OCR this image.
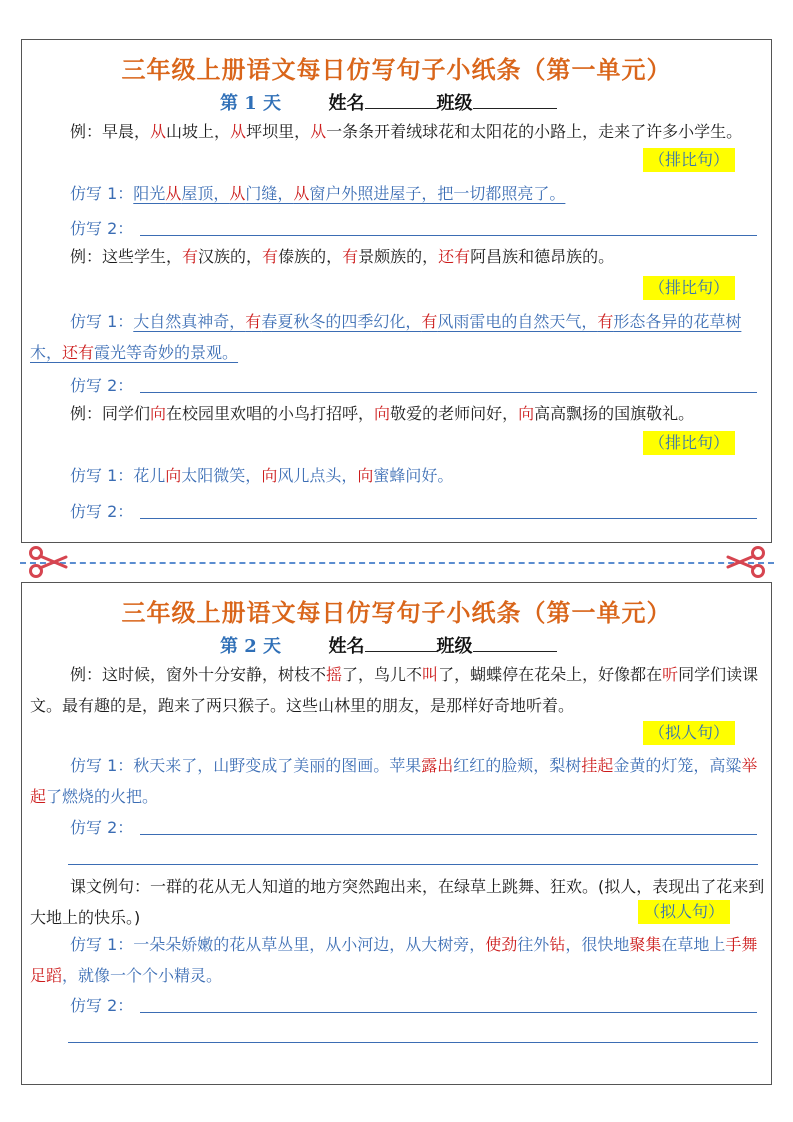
三年级上册语文每日仿写句子小纸条（第一单元）
第 1 天	姓名	班级

例：早晨，从山坡上，从坪坝里，从一条条开着绒球花和太阳花的小路上，走来了许多小学生。

（排比句）

仿写 1：阳光从屋顶，从门缝，从窗户外照进屋子，把一切都照亮了。

仿写 2：

例：这些学生，有汉族的，有傣族的，有景颇族的，还有阿昌族和德昂族的。

（排比句）

仿写 1：大自然真神奇，有春夏秋冬的四季幻化，有风雨雷电的自然天气，有形态各异的花草树木，还有霞光等奇妙的景观。

仿写 2：

例：同学们向在校园里欢唱的小鸟打招呼，向敬爱的老师问好，向高高飘扬的国旗敬礼。

（排比句）

仿写 1：花儿向太阳微笑，向风儿点头，向蜜蜂问好。

仿写 2：
三年级上册语文每日仿写句子小纸条（第一单元）
第 2 天	姓名	班级

例：这时候，窗外十分安静，树枝不摇了，鸟儿不叫了，蝴蝶停在花朵上，好像都在听同学们读课文。最有趣的是，跑来了两只猴子。这些山林里的朋友，是那样好奇地听着。

（拟人句）

仿写 1：秋天来了，山野变成了美丽的图画。苹果露出红红的脸颊，梨树挂起金黄的灯笼，高粱举起了燃烧的火把。

仿写 2：

课文例句：一群的花从无人知道的地方突然跑出来，在绿草上跳舞、狂欢。(拟人，表现出了花来到大地上的快乐。)	（拟人句）

仿写 1：一朵朵娇嫩的花从草丛里，从小河边，从大树旁，使劲往外钻，很快地聚集在草地上手舞足蹈，就像一个个小精灵。

仿写 2：
